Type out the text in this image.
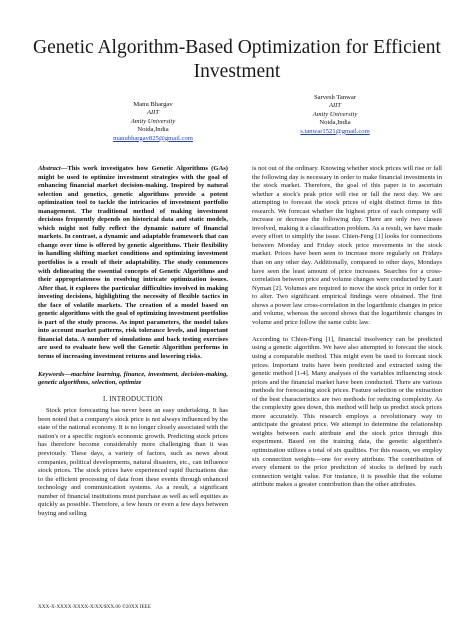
Genetic Algorithm-Based Optimization for Efficient Investment
Manu Bhargav
AIIT
Amity University
Noida,India
manubhargav825@gmail.com
Sarvesh Tanwar
AIIT
Amity University
Noida,India
s.tanwar1521@gmail.com

Abstract—This work investigates how Genetic Algorithms (GAs) might be used to optimize investment strategies with the goal of enhancing financial market decision-making. Inspired by natural selection and genetics, genetic algorithms provide a potent optimization tool to tackle the intricacies of investment portfolio management. The traditional method of making investment decisions frequently depends on historical data and static models, which might not fully reflect the dynamic nature of financial markets. In contrast, a dynamic and adaptable framework that can change over time is offered by genetic algorithms. Their flexibility in handling shifting market conditions and optimizing investment portfolios is a result of their adaptability. The study commences with delineating the essential concepts of Genetic Algorithms and their appropriateness in resolving intricate optimization issues. After that, it explores the particular difficulties involved in making investing decisions, highlighting the necessity of flexible tactics in the face of volatile markets. The creation of a model based on genetic algorithms with the goal of optimizing investment portfolios is part of the study process. As input parameters, the model takes into account market patterns, risk tolerance levels, and important financial data. A number of simulations and back testing exercises are used to evaluate how well the Genetic Algorithm performs in terms of increasing investment returns and lowering risks.

Keywords—machine learning, finance, investment, decision-making, genetic algorithms, selection, optimize

I. INTRODUCTION

Stock price forecasting has never been an easy undertaking. It has been noted that a company's stock price is not always influenced by the state of the national economy. It is no longer closely associated with the nation's or a specific region's economic growth. Predicting stock prices has therefore become considerably more challenging than it was previously. These days, a variety of factors, such as news about companies, political developments, natural disasters, etc., can influence stock prices. The stock prices have experienced rapid fluctuations due to the efficient processing of data from these events through enhanced technology and communication systems. As a result, a significant number of financial institutions must purchase as well as sell equities as quickly as possible. Therefore, a few hours or even a few days between buying and selling

is not out of the ordinary. Knowing whether stock prices will rise or fall the following day is necessary in order to make financial investments in the stock market. Therefore, the goal of this paper is to ascertain whether a stock's peak price will rise or fall the next day. We are attempting to forecast the stock prices of eight distinct firms in this research. We forecast whether the highest price of each company will increase or decrease the following day. There are only two classes involved, making it a classification problem. As a result, we have made every effort to simplify the issue. Chien-Feng [1] looks for connections between Monday and Friday stock price movements in the stock market. Prices have been seen to increase more regularly on Fridays than on any other day. Additionally, compared to other days, Mondays have seen the least amount of price increases. Searches for a cross-correlation between price and volume changes were conducted by Lauri Nyman [2]. Volumes are required to move the stock price in order for it to alter. Two significant empirical findings were obtained. The first shows a power law cross-correlation in the logarithmic changes in price and volume, whereas the second shows that the logarithmic changes in volume and price follow the same cubic law.

According to Chien-Feng [1], financial insolvency can be predicted using a genetic algorithm. We have also attempted to forecast the stock using a comparable method. This might even be used to forecast stock prices. Important traits have been predicted and extracted using the genetic method [1-4]. Many analyses of the variables influencing stock prices and the financial market have been conducted. There are various methods for forecasting stock prices. Feature selection or the extraction of the best characteristics are two methods for reducing complexity. As the complexity goes down, this method will help us predict stock prices more accurately. This research employs a revolutionary way to anticipate the greatest price. We attempt to determine the relationship weights between each attribute and the stock price through this experiment. Based on the training data, the genetic algorithm's optimization utilizes a total of six qualities. For this reason, we employ six connection weights—one for every attribute. The contribution of every element to the price prediction of stocks is defined by each connection weight value. For instance, it is possible that the volume attribute makes a greater contribution than the other attributes.

XXX-X-XXXX-XXXX-X/XX/$XX.00 ©20XX IEEE
